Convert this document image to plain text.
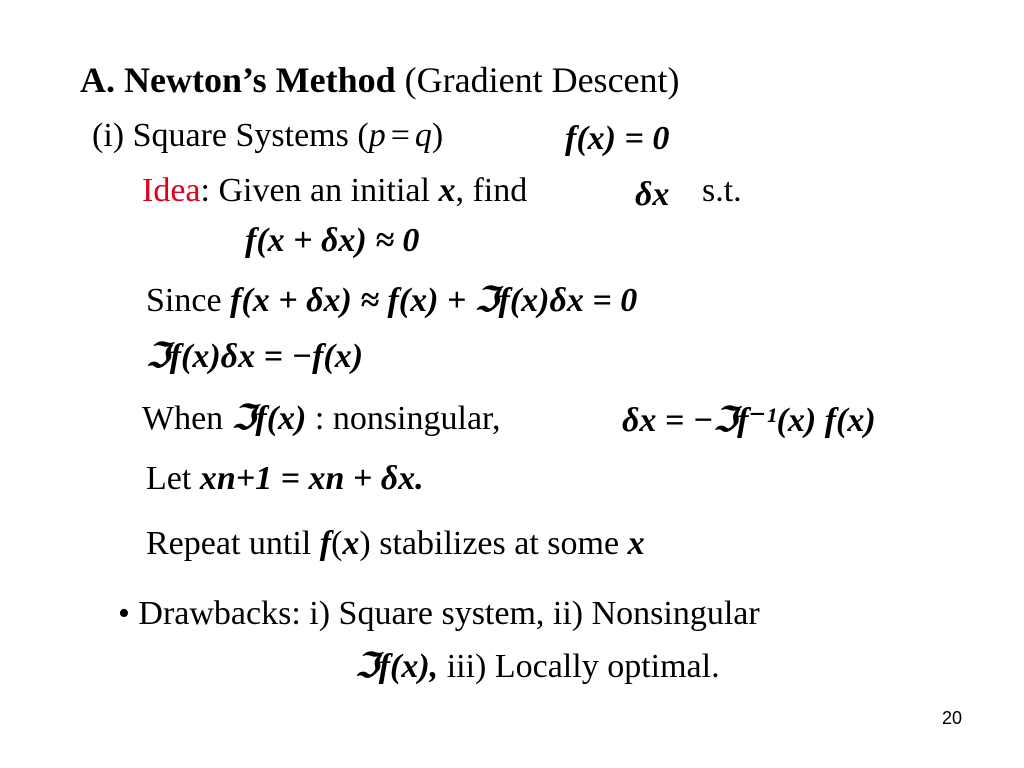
A. Newton’s Method (Gradient Descent)
(i) Square Systems (p = q)	f(x) = 0
Idea: Given an initial x, find	δx s.t.
f(x + δx) ≈ 0
Since f(x + δx) ≈ f(x) + ℑf(x)δx = 0
ℑf(x)δx = −f(x)
When ℑf(x) : nonsingular,	δx = −ℑf⁻¹(x) f(x)
Let xn+1 = xn + δx.
Repeat until f(x) stabilizes at some x
• Drawbacks: i) Square system, ii) Nonsingular
ℑf(x), iii) Locally optimal.
20
